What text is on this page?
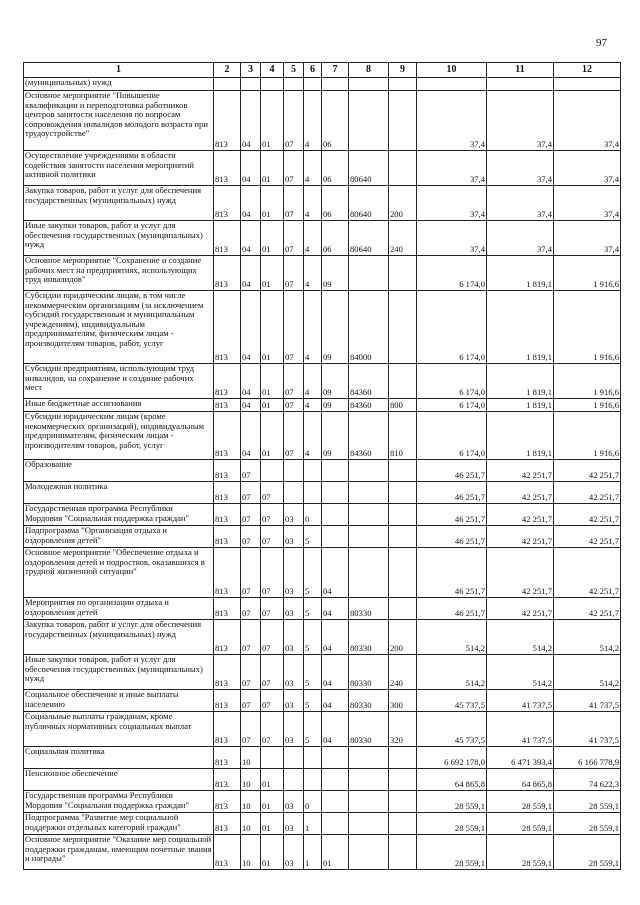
97
1	2	3	4	5	6	7	8	9	10	11	12
(муниципальных) нужд											
Основное мероприятие "Повышение квалификации и переподготовка работников центров занятости населения по вопросам сопровождения инвалидов молодого возраста при трудоустройстве"	813	04	01	07	4	06			37,4	37,4	37,4
Осуществление учреждениями в области содействия занятости населения мероприятий активной политики	813	04	01	07	4	06	80640		37,4	37,4	37,4
Закупка товаров, работ и услуг для обеспечения государственных (муниципальных) нужд	813	04	01	07	4	06	80640	200	37,4	37,4	37,4
Иные закупки товаров, работ и услуг для обеспечения государственных (муниципальных) нужд	813	04	01	07	4	06	80640	240	37,4	37,4	37,4
Основное мероприятие "Сохранение и создание рабочих мест на предприятиях, использующих труд инвалидов"	813	04	01	07	4	09			6 174,0	1 819,1	1 916,6
Субсидии юридическим лицам, в том числе некоммерческим организациям (за исключением субсидий государственным и муниципальным учреждениям), индивидуальным предпринимателям, физическим лицам - производителям товаров, работ, услуг	813	04	01	07	4	09	84000		6 174,0	1 819,1	1 916,6
Субсидии предприятиям, использующим труд инвалидов, на сохранение и создание рабочих мест	813	04	01	07	4	09	84360		6 174,0	1 819,1	1 916,6
Иные бюджетные ассигнования	813	04	01	07	4	09	84360	800	6 174,0	1 819,1	1 916,6
Субсидии юридическим лицам (кроме некоммерческих организаций), индивидуальным предпринимателям, физическим лицам - производителям товаров, работ, услуг	813	04	01	07	4	09	84360	810	6 174,0	1 819,1	1 916,6
Образование	813	07							46 251,7	42 251,7	42 251,7
Молодежная политика	813	07	07						46 251,7	42 251,7	42 251,7
Государственная программа Республики Мордовия "Социальная поддержка граждан"	813	07	07	03	0				46 251,7	42 251,7	42 251,7
Подпрограмма "Организация отдыха и оздоровления детей"	813	07	07	03	5				46 251,7	42 251,7	42 251,7
Основное мероприятие "Обеспечение отдыха и оздоровления детей и подростков, оказавшихся в трудной жизненной ситуации"	813	07	07	03	5	04			46 251,7	42 251,7	42 251,7
Мероприятия по организации отдыха и оздоровления детей	813	07	07	03	5	04	80330		46 251,7	42 251,7	42 251,7
Закупка товаров, работ и услуг для обеспечения государственных (муниципальных) нужд	813	07	07	03	5	04	80330	200	514,2	514,2	514,2
Иные закупки товаров, работ и услуг для обеспечения государственных (муниципальных) нужд	813	07	07	03	5	04	80330	240	514,2	514,2	514,2
Социальное обеспечение и иные выплаты населению	813	07	07	03	5	04	80330	300	45 737,5	41 737,5	41 737,5
Социальные выплаты гражданам, кроме публичных нормативных социальных выплат	813	07	07	03	5	04	80330	320	45 737,5	41 737,5	41 737,5
Социальная политика	813	10							6 692 178,0	6 471 393,4	6 166 778,9
Пенсионное обеспечение	813.	10	01						64 865,8	64 865,8	74 622,3
Государственная программа Республики Мордовия "Социальная поддержка граждан"	813	10	01	03	0				28 559,1	28 559,1	28 559,1
Подпрограмма "Развитие мер социальной поддержки отдельных категорий граждан"	813	10	01	03	1				28 559,1	28 559,1	28 559,1
Основное мероприятие "Оказание мер социальной поддержки гражданам, имеющим почетные звания и награды"	813	10	01	03	1	01			28 559,1	28 559,1	28 559,1
